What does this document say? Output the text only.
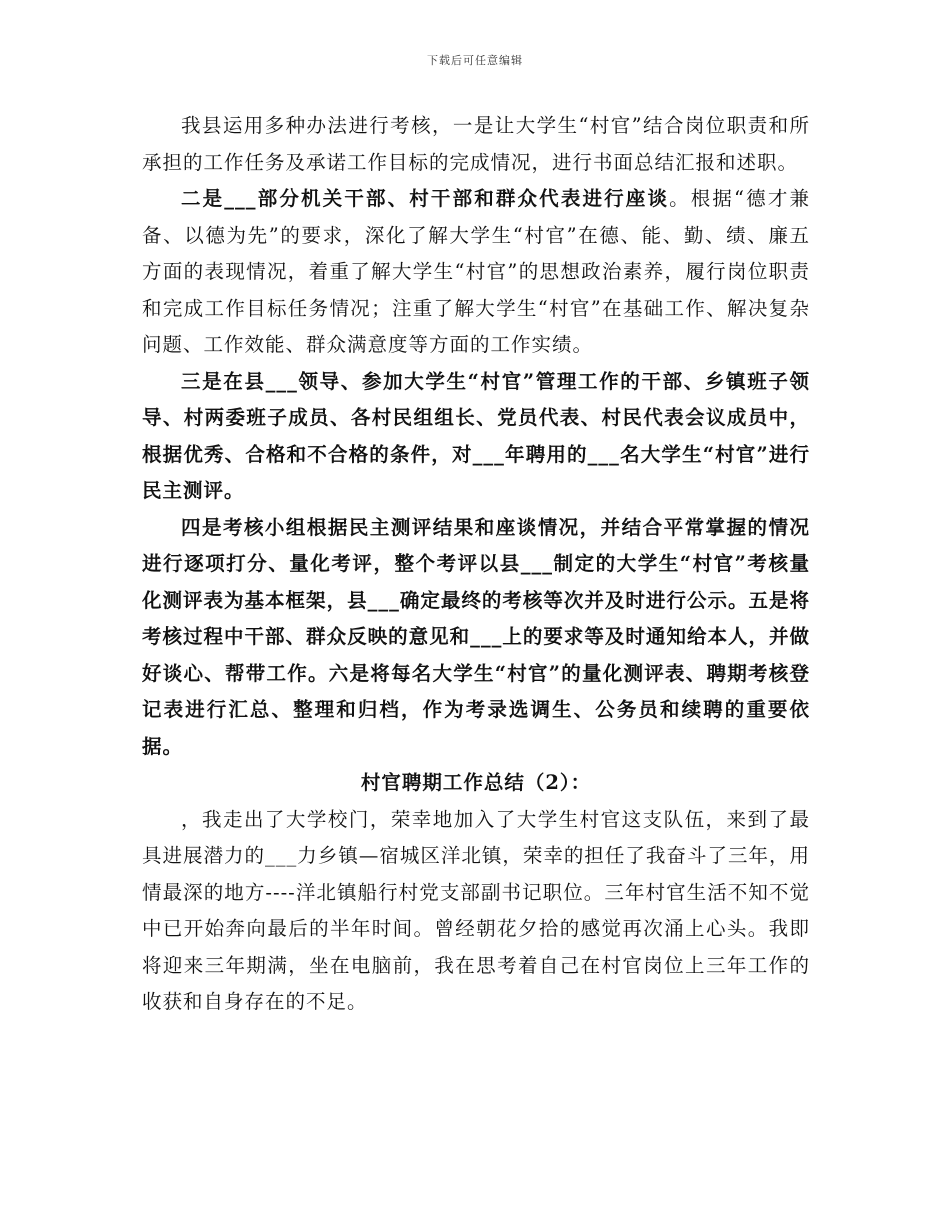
下载后可任意编辑

我县运用多种办法进行考核，一是让大学生“村官”结合岗位职责和所承担的工作任务及承诺工作目标的完成情况，进行书面总结汇报和述职。

二是___部分机关干部、村干部和群众代表进行座谈。根据“德才兼备、以德为先”的要求，深化了解大学生“村官”在德、能、勤、绩、廉五方面的表现情况，着重了解大学生“村官”的思想政治素养，履行岗位职责和完成工作目标任务情况；注重了解大学生“村官”在基础工作、解决复杂问题、工作效能、群众满意度等方面的工作实绩。

三是在县___领导、参加大学生“村官”管理工作的干部、乡镇班子领导、村两委班子成员、各村民组组长、党员代表、村民代表会议成员中，根据优秀、合格和不合格的条件，对___年聘用的___名大学生“村官”进行民主测评。

四是考核小组根据民主测评结果和座谈情况，并结合平常掌握的情况进行逐项打分、量化考评，整个考评以县___制定的大学生“村官”考核量化测评表为基本框架，县___确定最终的考核等次并及时进行公示。五是将考核过程中干部、群众反映的意见和___上的要求等及时通知给本人，并做好谈心、帮带工作。六是将每名大学生“村官”的量化测评表、聘期考核登记表进行汇总、整理和归档，作为考录选调生、公务员和续聘的重要依据。

村官聘期工作总结（2）：

，我走出了大学校门，荣幸地加入了大学生村官这支队伍，来到了最具进展潜力的___力乡镇—宿城区洋北镇，荣幸的担任了我奋斗了三年，用情最深的地方----洋北镇船行村党支部副书记职位。三年村官生活不知不觉中已开始奔向最后的半年时间。曾经朝花夕拾的感觉再次涌上心头。我即将迎来三年期满，坐在电脑前，我在思考着自己在村官岗位上三年工作的收获和自身存在的不足。
